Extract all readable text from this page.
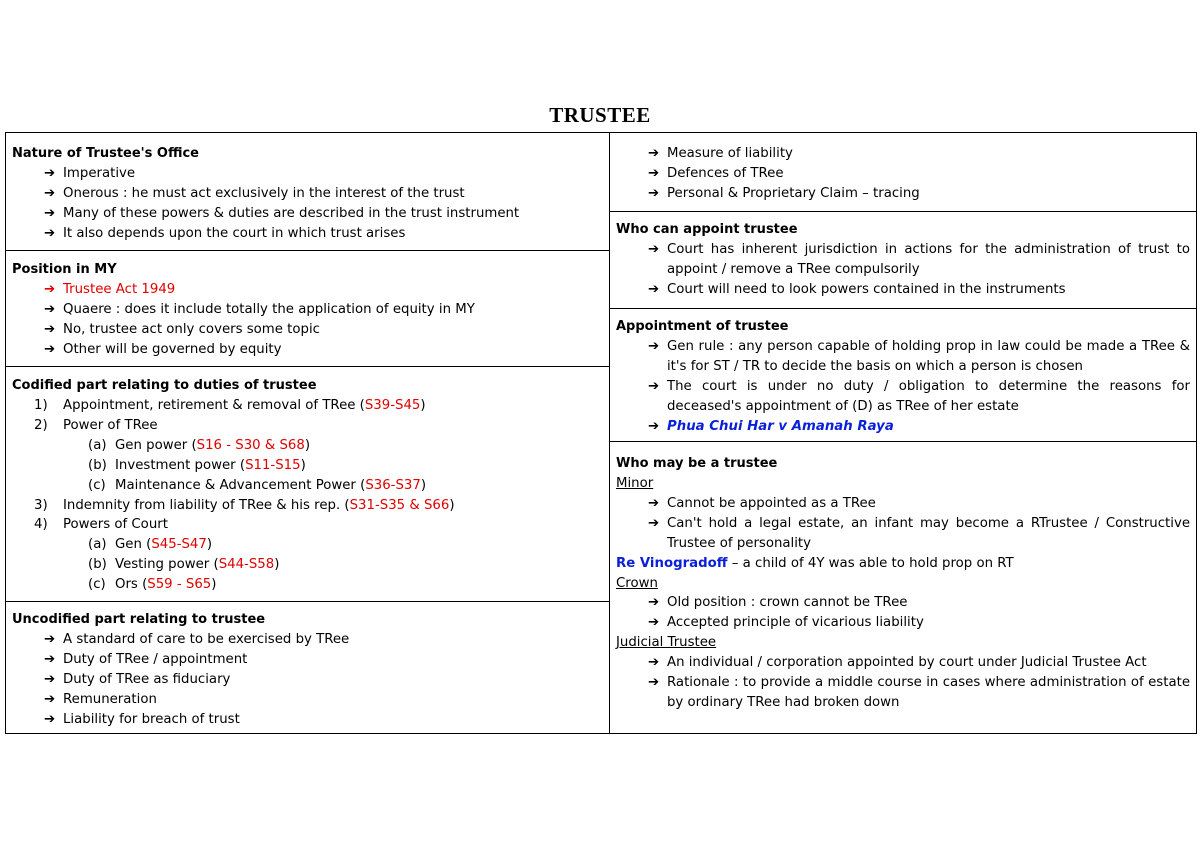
TRUSTEE
Nature of Trustee's Office
➔ Imperative
➔ Onerous : he must act exclusively in the interest of the trust
➔ Many of these powers & duties are described in the trust instrument
➔ It also depends upon the court in which trust arises
Position in MY
➔ Trustee Act 1949
➔ Quaere : does it include totally the application of equity in MY
➔ No, trustee act only covers some topic
➔ Other will be governed by equity
Codified part relating to duties of trustee
1) Appointment, retirement & removal of TRee (S39-S45)
2) Power of TRee
(a) Gen power (S16 - S30 & S68)
(b) Investment power (S11-S15)
(c) Maintenance & Advancement Power (S36-S37)
3) Indemnity from liability of TRee & his rep. (S31-S35 & S66)
4) Powers of Court
(a) Gen (S45-S47)
(b) Vesting power (S44-S58)
(c) Ors (S59 - S65)
Uncodified part relating to trustee
➔ A standard of care to be exercised by TRee
➔ Duty of TRee / appointment
➔ Duty of TRee as fiduciary
➔ Remuneration
➔ Liability for breach of trust
➔ Measure of liability
➔ Defences of TRee
➔ Personal & Proprietary Claim – tracing
Who can appoint trustee
➔ Court has inherent jurisdiction in actions for the administration of trust to appoint / remove a TRee compulsorily
➔ Court will need to look powers contained in the instruments
Appointment of trustee
➔ Gen rule : any person capable of holding prop in law could be made a TRee & it's for ST / TR to decide the basis on which a person is chosen
➔ The court is under no duty / obligation to determine the reasons for deceased's appointment of (D) as TRee of her estate
➔ Phua Chui Har v Amanah Raya
Who may be a trustee
Minor
➔ Cannot be appointed as a TRee
➔ Can't hold a legal estate, an infant may become a RTrustee / Constructive Trustee of personality
Re Vinogradoff – a child of 4Y was able to hold prop on RT
Crown
➔ Old position : crown cannot be TRee
➔ Accepted principle of vicarious liability
Judicial Trustee
➔ An individual / corporation appointed by court under Judicial Trustee Act
➔ Rationale : to provide a middle course in cases where administration of estate by ordinary TRee had broken down
